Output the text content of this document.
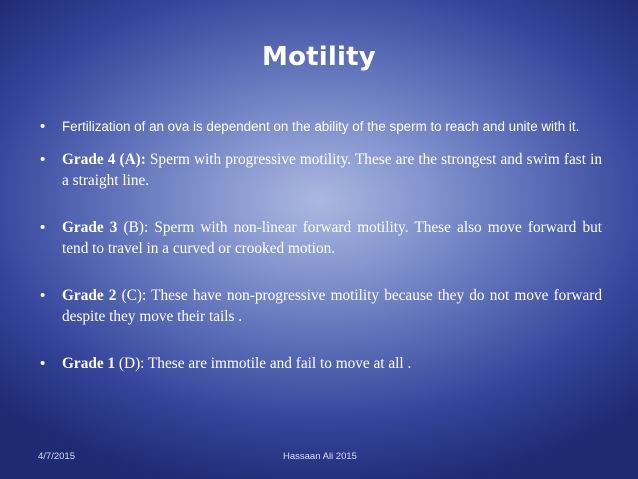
Motility
• Fertilization of an ova is dependent on the ability of the sperm to reach and unite with it.
• Grade 4 (A): Sperm with progressive motility. These are the strongest and swim fast in a straight line.
• Grade 3 (B): Sperm with non-linear forward motility. These also move forward but tend to travel in a curved or crooked motion.
• Grade 2 (C): These have non-progressive motility because they do not move forward despite they move their tails .
• Grade 1 (D): These are immotile and fail to move at all .
4/7/2015	Hassaan Ali 2015
